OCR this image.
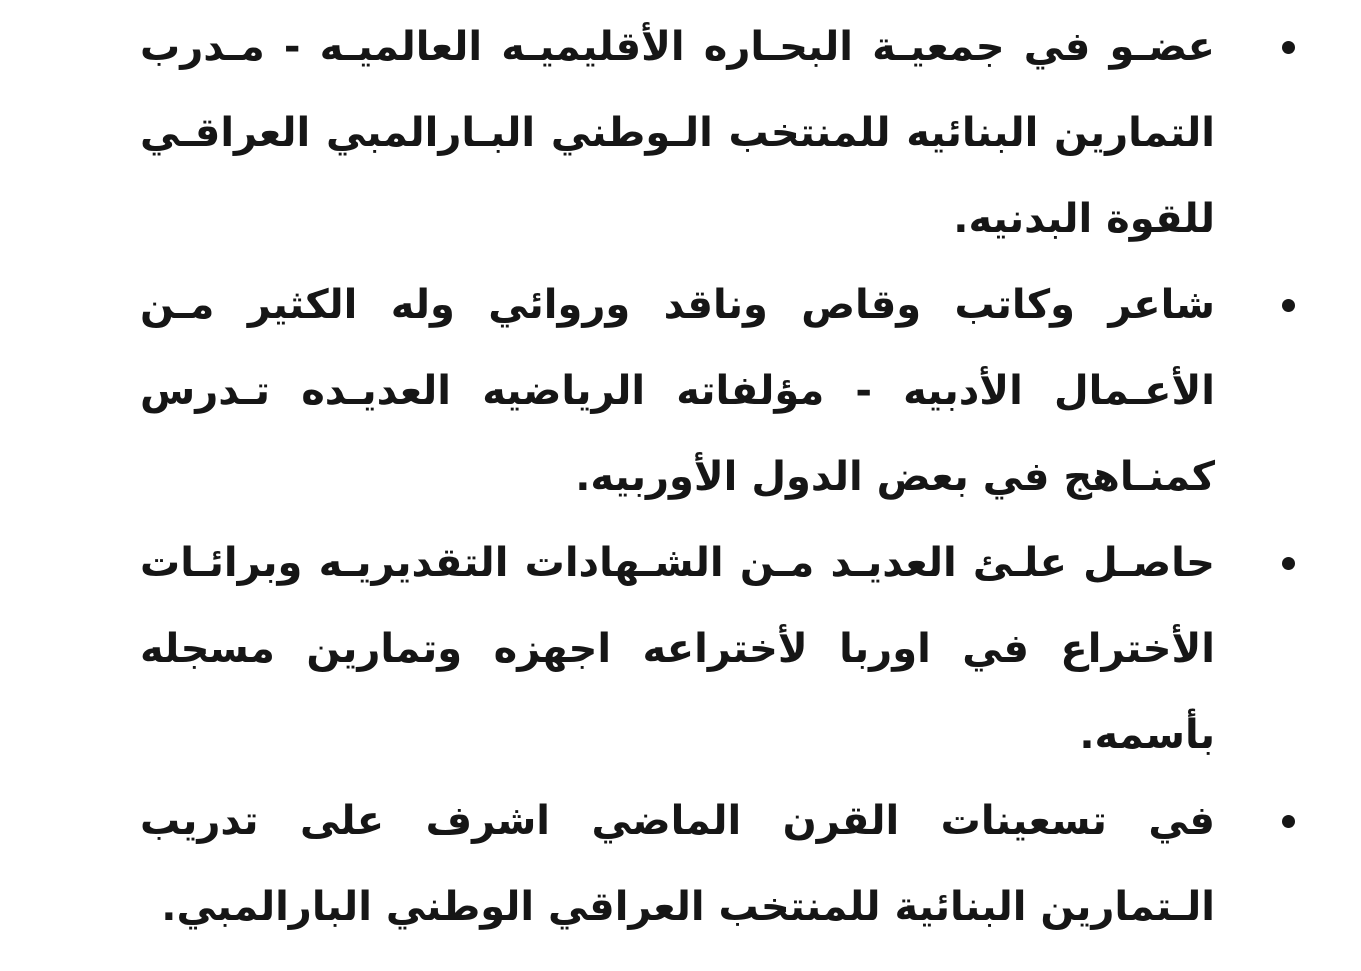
عضـو في جمعيـة البحـاره الأقليميـه العالميـه - مـدرب التمارين البنائيه للمنتخب الـوطني البـارالمبي العراقـي للقوة البدنيه.
شاعر وكاتب وقاص وناقد وروائي وله الكثير مـن الأعـمال الأدبيه - مؤلفاته الرياضيه العديـده تـدرس كمنـاهج في بعض الدول الأوربيه.
حاصـل علـئ العديـد مـن الشـهادات التقديريـه وبرائـات الأختراع في اوربا لأختراعه اجهزه وتمارين مسجله بأسمه.
في تسعينات القرن الماضي اشرف على تدريب الـتمارين البنائية للمنتخب العراقي الوطني البارالمبي.
